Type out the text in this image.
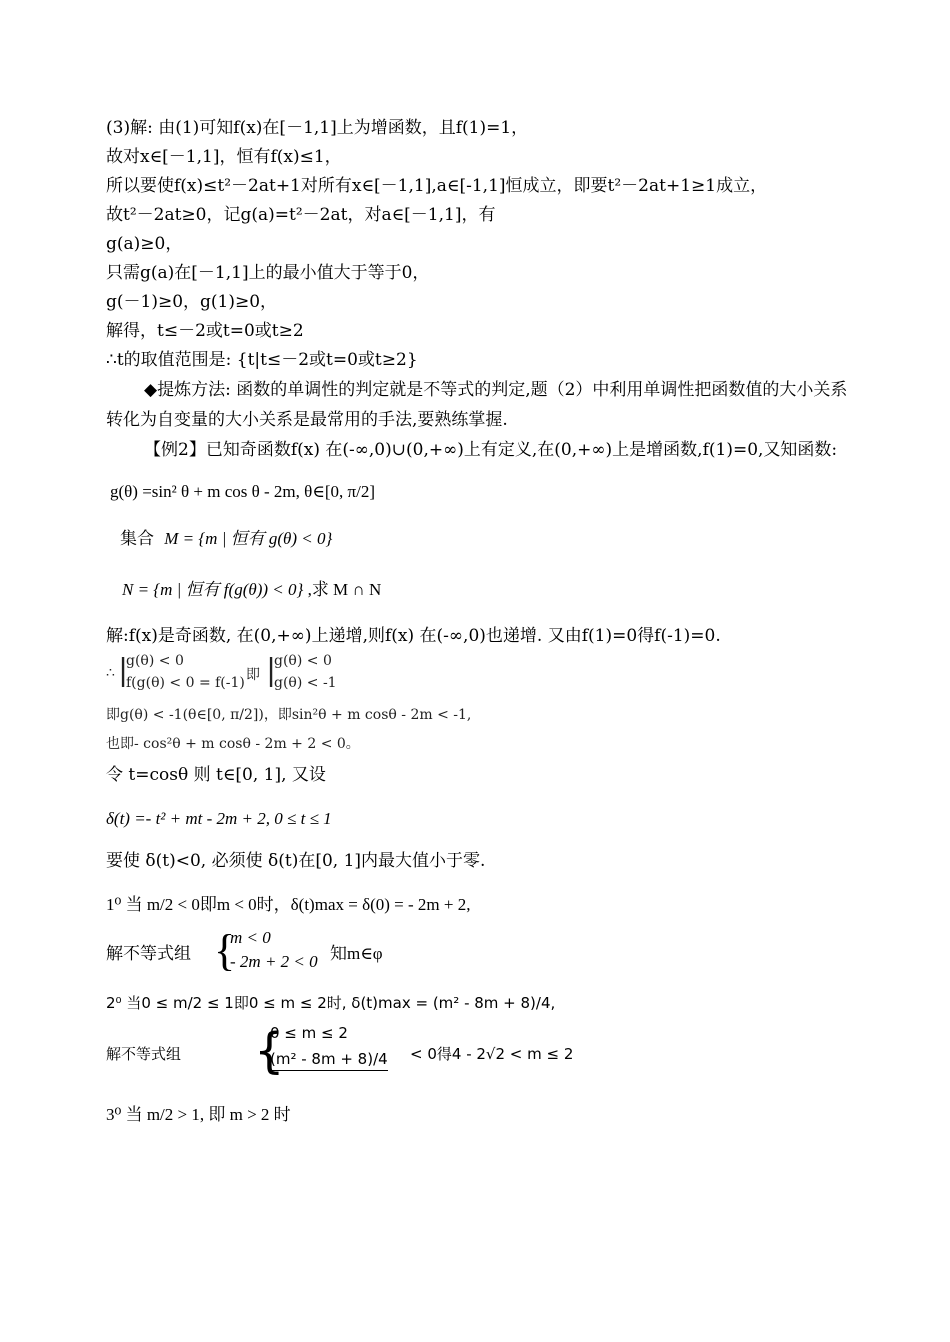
(3)解: 由(1)可知f(x)在[－1,1]上为增函数，且f(1)=1，
故对x∈[－1,1]，恒有f(x)≤1，
所以要使f(x)≤t²－2at+1对所有x∈[－1,1],a∈[-1,1]恒成立，即要t²－2at+1≥1成立，
故t²－2at≥0，记g(a)=t²－2at，对a∈[－1,1]，有
g(a)≥0，
只需g(a)在[－1,1]上的最小值大于等于0，
g(－1)≥0，g(1)≥0，
解得，t≤－2或t=0或t≥2
∴t的取值范围是: {t|t≤－2或t=0或t≥2}
◆提炼方法: 函数的单调性的判定就是不等式的判定,题（2）中利用单调性把函数值的大小关系转化为自变量的大小关系是最常用的手法,要熟练掌握.
【例2】已知奇函数f(x) 在(-∞,0)∪(0,+∞)上有定义,在(0,+∞)上是增函数,f(1)=0,又知函数:
g(θ) =sin² θ + m cos θ - 2m, θ∈[0, π/2]
集合 M = {m | 恒有 g(θ) < 0}
N = {m | 恒有 f(g(θ)) < 0} ,求 M ∩ N
解:f(x)是奇函数, 在(0,+∞)上递增,则f(x) 在(-∞,0)也递增. 又由f(1)=0得f(-1)=0.
∴ |
g(θ) < 0
f(g(θ) < 0 = f(-1) 即 |
g(θ) < 0
g(θ) < -1
即g(θ) < -1(θ∈[0, π/2])，即sin²θ + m cosθ - 2m < -1,
也即- cos²θ + m cosθ - 2m + 2 < 0。
令 t=cosθ 则 t∈[0, 1], 又设
δ(t) =- t² + mt - 2m + 2, 0 ≤ t ≤ 1
要使 δ(t)<0, 必须使 δ(t)在[0, 1]内最大值小于零.
1⁰ 当 m/2 < 0即m < 0时，δ(t)max = δ(0) = - 2m + 2,
解不等式组 {
m < 0
- 2m + 2 < 0 知m∈φ
2⁰ 当0 ≤ m/2 ≤ 1即0 ≤ m ≤ 2时, δ(t)max = (m² - 8m + 8)/4,
解不等式组 {
0 ≤ m ≤ 2
(m² - 8m + 8)/4 < 0得4 - 2√2 < m ≤ 2
3⁰ 当 m/2 > 1, 即 m > 2 时
